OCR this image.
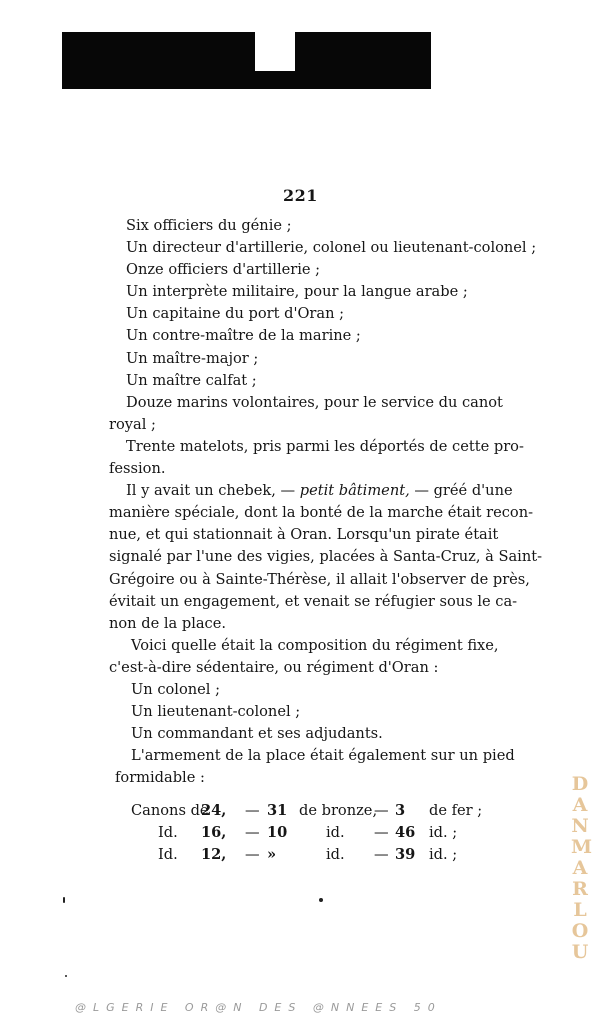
221
Six officiers du génie ;
Un directeur d'artillerie, colonel ou lieutenant-colonel ;
Onze officiers d'artillerie ;
Un interprète militaire, pour la langue arabe ;
Un capitaine du port d'Oran ;
Un contre-maître de la marine ;
Un maître-major ;
Un maître calfat ;
Douze marins volontaires, pour le service du canot
royal ;
Trente matelots, pris parmi les déportés de cette pro-
fession.
Il y avait un chebek, — petit bâtiment, — gréé d'une
manière spéciale, dont la bonté de la marche était recon-
nue, et qui stationnait à Oran. Lorsqu'un pirate était
signalé par l'une des vigies, placées à Santa-Cruz, à Saint-
Grégoire ou à Sainte-Thérèse, il allait l'observer de près,
évitait un engagement, et venait se réfugier sous le ca-
non de la place.
Voici quelle était la composition du régiment fixe,
c'est-à-dire sédentaire, ou régiment d'Oran :
Un colonel ;
Un lieutenant-colonel ;
Un commandant et ses adjudants.
L'armement de la place était également sur un pied
formidable :
Canons de
24, — 31 de bronze,
— 3 de fer ;
Id. 16, — 10	id. — 46 id. ;
Id. 12, — »	id. — 39 id. ;
DANMARLOU
@LGERIE OR@N DES @NNEES 50
